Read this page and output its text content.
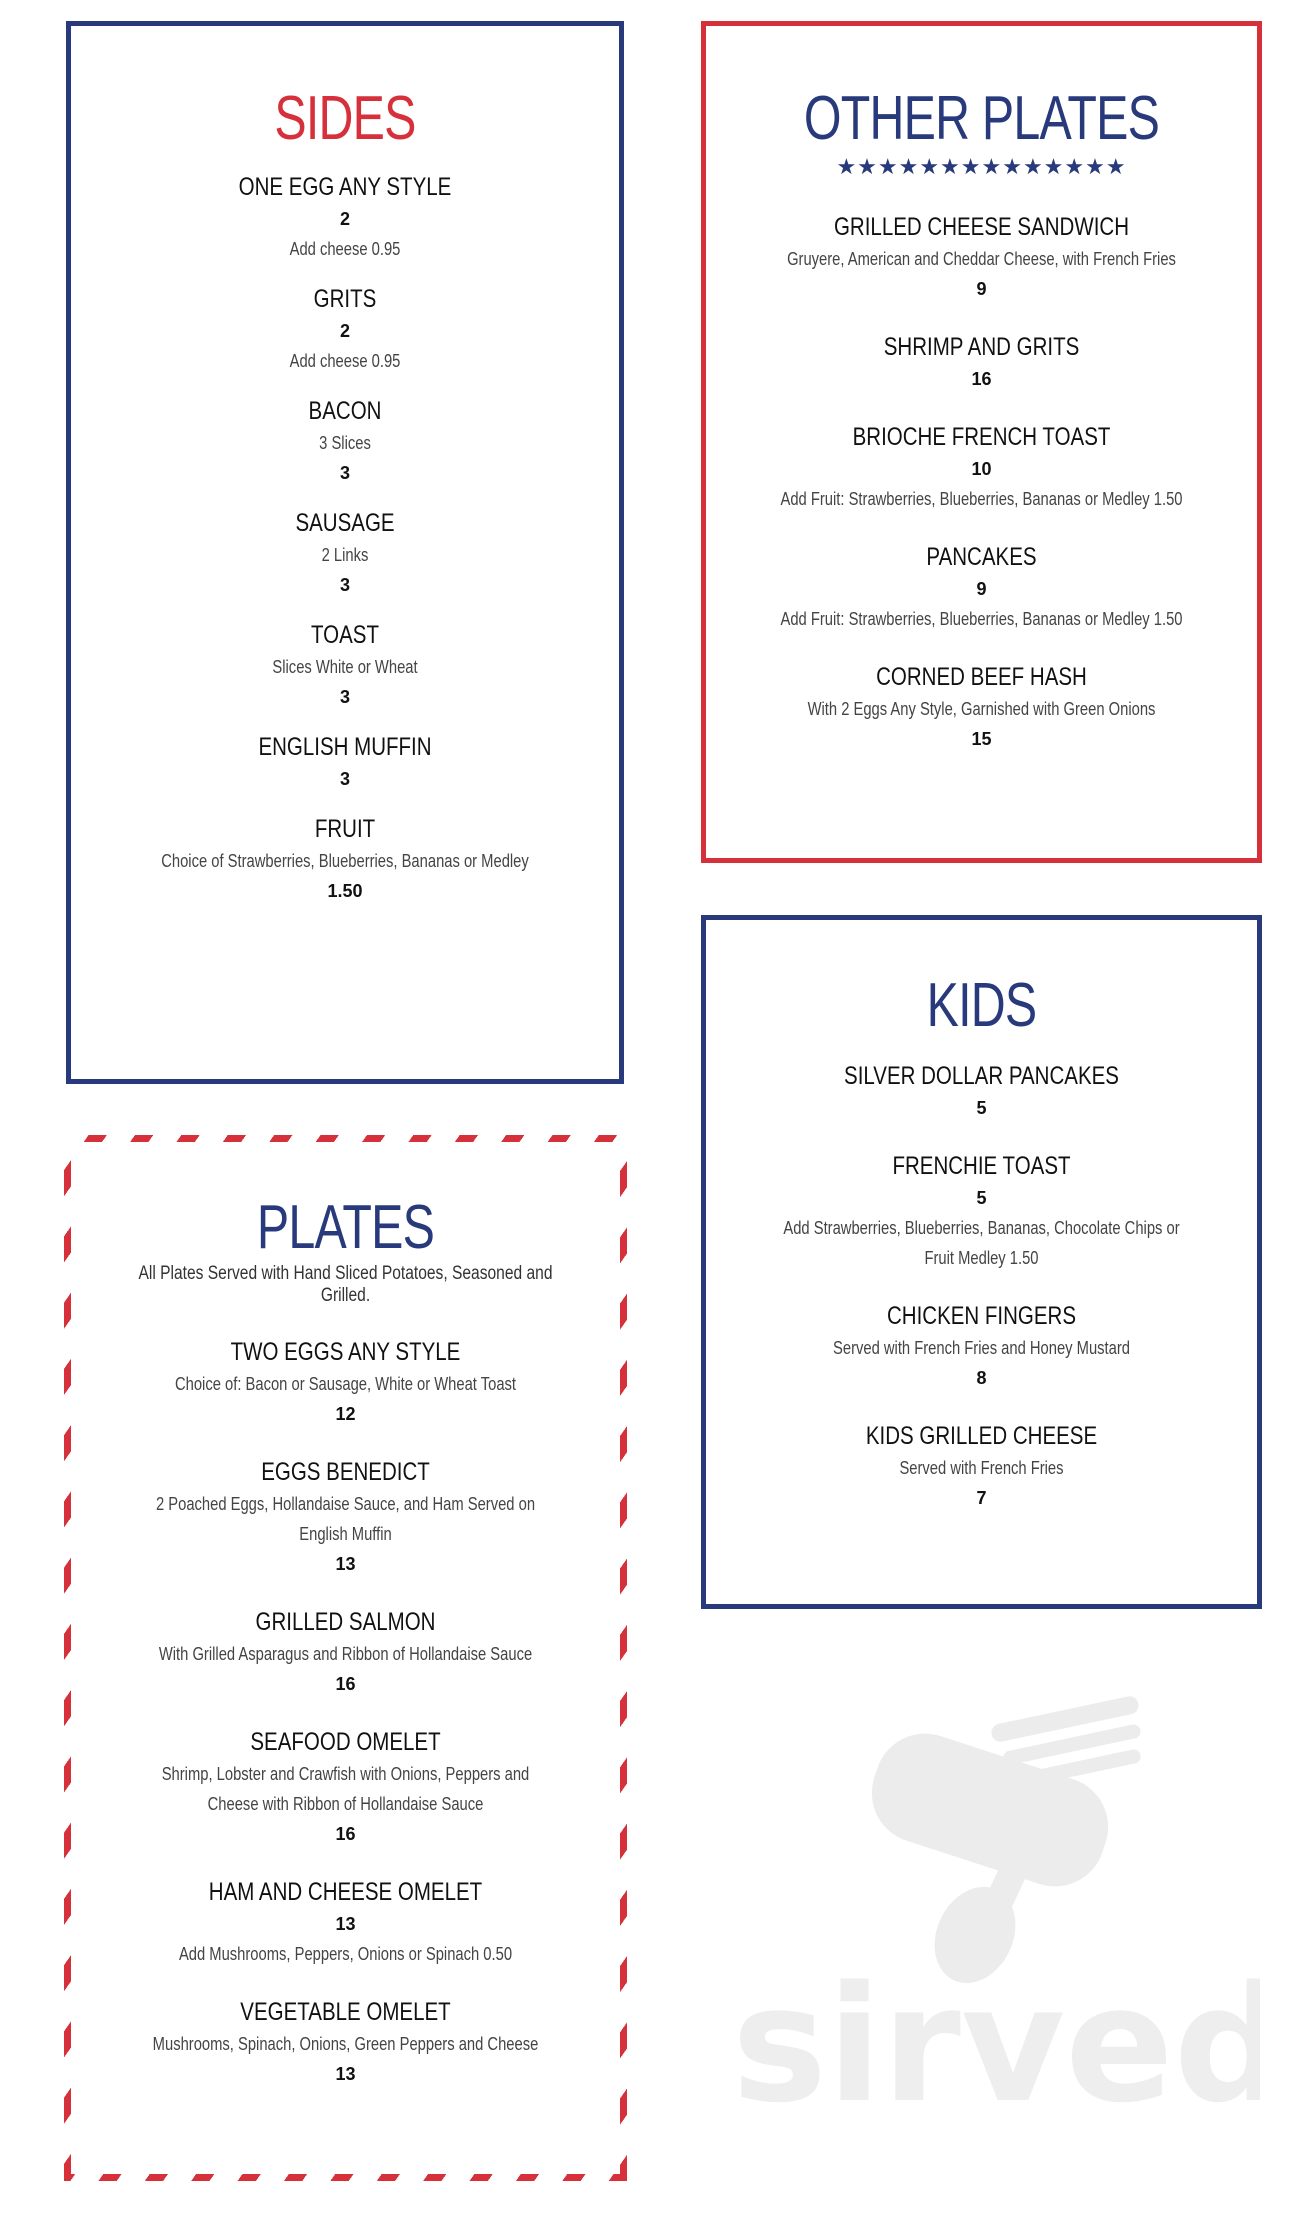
SIDES
ONE EGG ANY STYLE
2
Add cheese 0.95
GRITS
2
Add cheese 0.95
BACON
3 Slices
3
SAUSAGE
2 Links
3
TOAST
Slices White or Wheat
3
ENGLISH MUFFIN
3
FRUIT
Choice of Strawberries, Blueberries, Bananas or Medley
1.50
OTHER PLATES
★★★★★★★★★★★★★★
GRILLED CHEESE SANDWICH
Gruyere, American and Cheddar Cheese, with French Fries
9
SHRIMP AND GRITS
16
BRIOCHE FRENCH TOAST
10
Add Fruit: Strawberries, Blueberries, Bananas or Medley 1.50
PANCAKES
9
Add Fruit: Strawberries, Blueberries, Bananas or Medley 1.50
CORNED BEEF HASH
With 2 Eggs Any Style, Garnished with Green Onions
15
KIDS
SILVER DOLLAR PANCAKES
5
FRENCHIE TOAST
5
Add Strawberries, Blueberries, Bananas, Chocolate Chips or Fruit Medley 1.50
CHICKEN FINGERS
Served with French Fries and Honey Mustard
8
KIDS GRILLED CHEESE
Served with French Fries
7
PLATES
All Plates Served with Hand Sliced Potatoes, Seasoned and Grilled.
TWO EGGS ANY STYLE
Choice of: Bacon or Sausage, White or Wheat Toast
12
EGGS BENEDICT
2 Poached Eggs, Hollandaise Sauce, and Ham Served on English Muffin
13
GRILLED SALMON
With Grilled Asparagus and Ribbon of Hollandaise Sauce
16
SEAFOOD OMELET
Shrimp, Lobster and Crawfish with Onions, Peppers and Cheese with Ribbon of Hollandaise Sauce
16
HAM AND CHEESE OMELET
13
Add Mushrooms, Peppers, Onions or Spinach 0.50
VEGETABLE OMELET
Mushrooms, Spinach, Onions, Green Peppers and Cheese
13	sirved
